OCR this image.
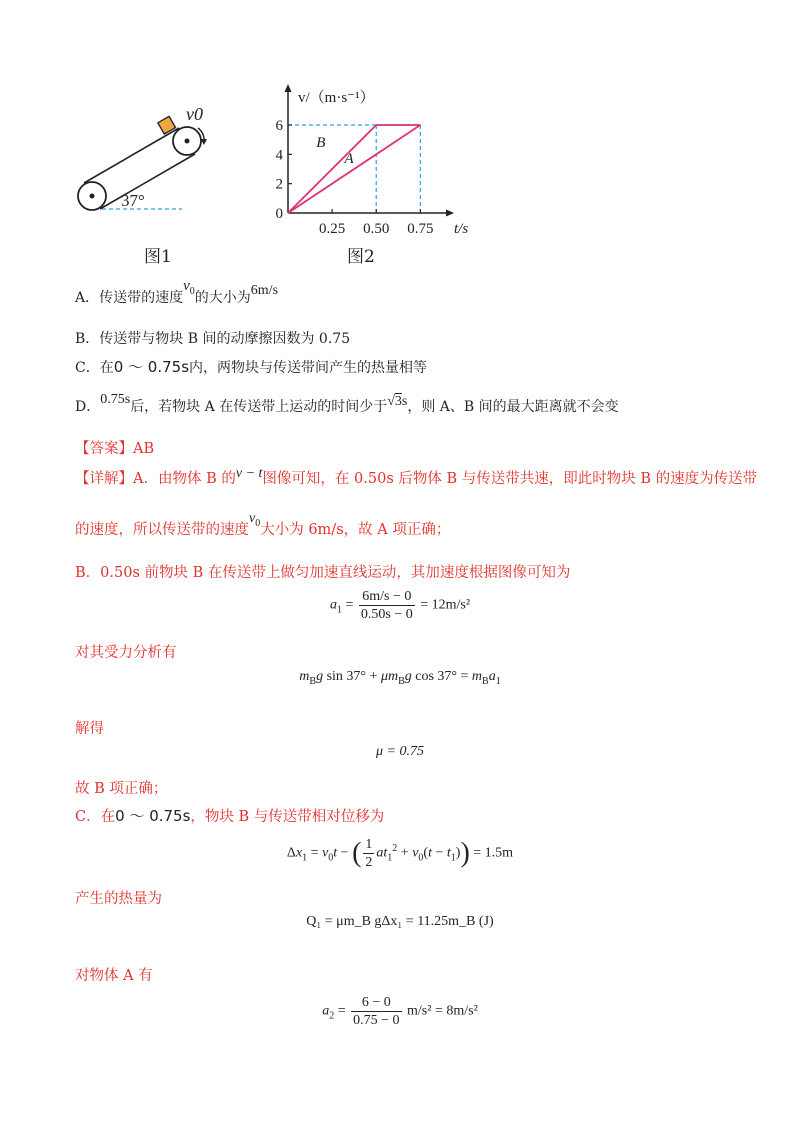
v0
37°
图1
0
2
4
6
0.25 0.50 0.75 t/s
v/（m·s⁻¹）
B
A
图2
A．传送带的速度$v_0$的大小为6m/s
B．传送带与物块 B 间的动摩擦因数为 0.75
C．在0 ～ 0.75s内，两物块与传送带间产生的热量相等
D．0.75s后，若物块 A 在传送带上运动的时间少于√3s，则 A、B 间的最大距离就不会变
【答案】AB
【详解】A．由物体 B 的v − t图像可知，在 0.50s 后物体 B 与传送带共速，即此时物块 B 的速度为传送带
的速度，所以传送带的速度$v_0$大小为 6m/s，故 A 项正确；
B．0.50s 前物块 B 在传送带上做匀加速直线运动，其加速度根据图像可知为
$a_1 = \frac{6m/s - 0}{0.50s - 0} = 12m/s^2$
对其受力分析有
$m_Bg$ $\sin 37^\circ + \mu m_Bg$ $\cos 37^\circ = m_Ba_1$
解得
μ = 0.75
故 B 项正确；
C．在0 ～ 0.75s，物块 B 与传送带相对位移为
$\Delta x_1 = v_0t$ − ( $\frac{1}{2} at_1^2 + v_0(t - t_1)) = 1.5m$
产生的热量为
Q₁ = μm_B gΔx₁ = 11.25m_B (J)
对物体 A 有
$a_2 = \frac{6 - 0}{0.75 - 0} m/s^2 = 8m/s^2$
